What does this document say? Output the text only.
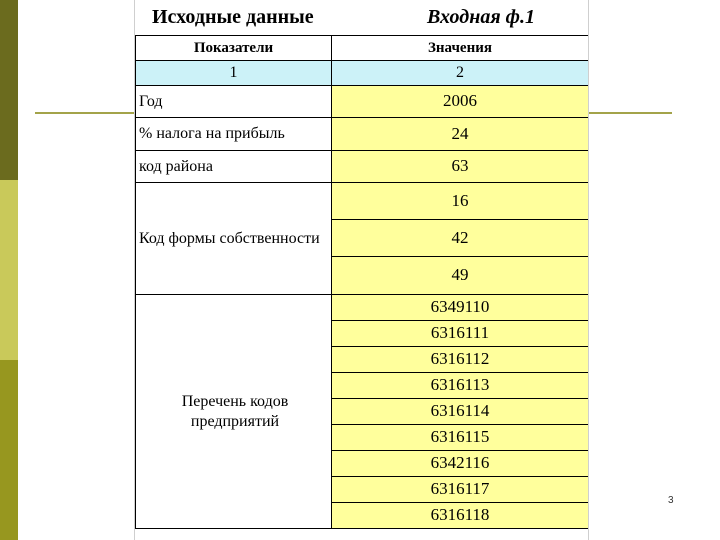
Исходные данные	Входная ф.1
Показатели	Значения
1	2
Год	2006
% налога на прибыль	24
код района	63
Код формы собственности	16
	42
	49
Перечень кодов предприятий	6349110
	6316111
	6316112
	6316113
	6316114
	6316115
	6342116
	6316117
	6316118
3
